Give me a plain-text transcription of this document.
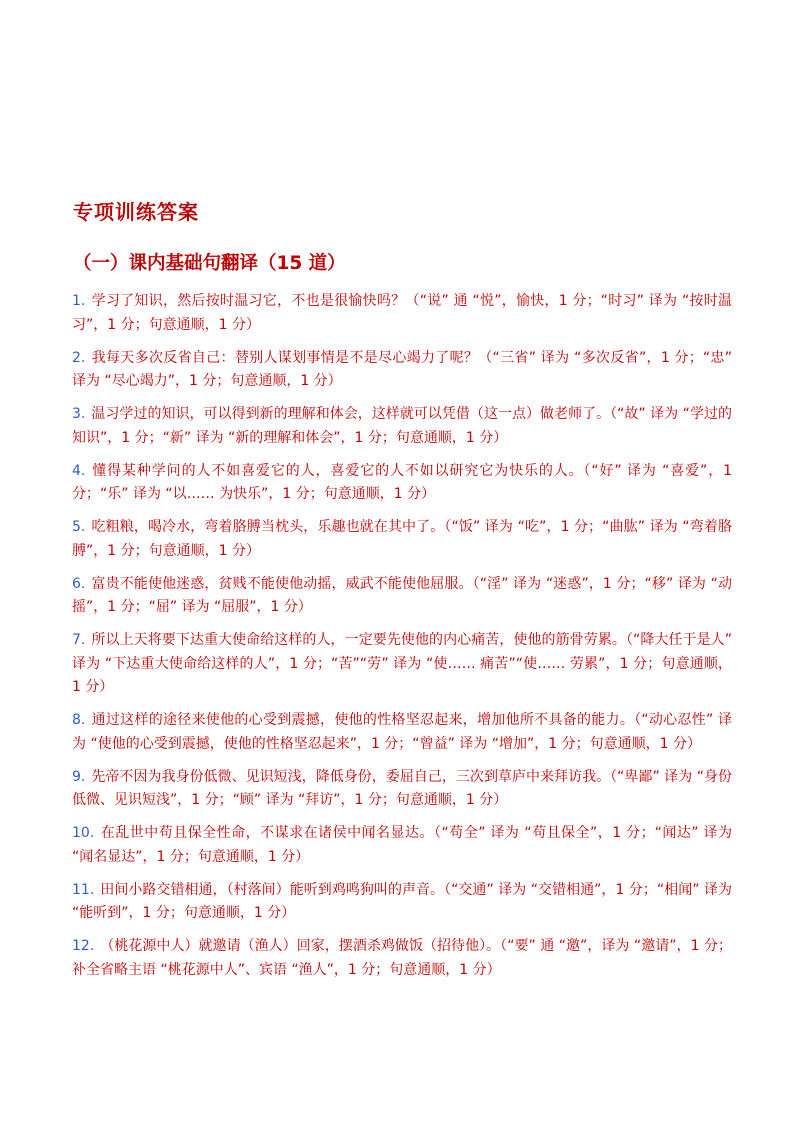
专项训练答案
（一）课内基础句翻译（15 道）
1. 学习了知识，然后按时温习它，不也是很愉快吗？（“说” 通 “悦”，愉快，1 分；“时习” 译为 “按时温习”，1 分；句意通顺，1 分）
2. 我每天多次反省自己：替别人谋划事情是不是尽心竭力了呢？（“三省” 译为 “多次反省”，1 分；“忠” 译为 “尽心竭力”，1 分；句意通顺，1 分）
3. 温习学过的知识，可以得到新的理解和体会，这样就可以凭借（这一点）做老师了。（“故” 译为 “学过的知识”，1 分；“新” 译为 “新的理解和体会”，1 分；句意通顺，1 分）
4. 懂得某种学问的人不如喜爱它的人，喜爱它的人不如以研究它为快乐的人。（“好” 译为 “喜爱”，1 分；“乐” 译为 “以…… 为快乐”，1 分；句意通顺，1 分）
5. 吃粗粮，喝冷水，弯着胳膊当枕头，乐趣也就在其中了。（“饭” 译为 “吃”，1 分；“曲肱” 译为 “弯着胳膊”，1 分；句意通顺，1 分）
6. 富贵不能使他迷惑，贫贱不能使他动摇，威武不能使他屈服。（“淫” 译为 “迷惑”，1 分；“移” 译为 “动摇”，1 分；“屈” 译为 “屈服”，1 分）
7. 所以上天将要下达重大使命给这样的人，一定要先使他的内心痛苦，使他的筋骨劳累。（“降大任于是人” 译为 “下达重大使命给这样的人”，1 分；“苦”“劳” 译为 “使…… 痛苦”“使…… 劳累”，1 分；句意通顺，1 分）
8. 通过这样的途径来使他的心受到震撼，使他的性格坚忍起来，增加他所不具备的能力。（“动心忍性” 译为 “使他的心受到震撼，使他的性格坚忍起来”，1 分；“曾益” 译为 “增加”，1 分；句意通顺，1 分）
9. 先帝不因为我身份低微、见识短浅，降低身份，委屈自己，三次到草庐中来拜访我。（“卑鄙” 译为 “身份低微、见识短浅”，1 分；“顾” 译为 “拜访”，1 分；句意通顺，1 分）
10. 在乱世中苟且保全性命，不谋求在诸侯中闻名显达。（“苟全” 译为 “苟且保全”，1 分；“闻达” 译为 “闻名显达”，1 分；句意通顺，1 分）
11. 田间小路交错相通，（村落间）能听到鸡鸣狗叫的声音。（“交通” 译为 “交错相通”，1 分；“相闻” 译为 “能听到”，1 分；句意通顺，1 分）
12. （桃花源中人）就邀请（渔人）回家，摆酒杀鸡做饭（招待他）。（“要” 通 “邀”，译为 “邀请”，1 分；补全省略主语 “桃花源中人”、宾语 “渔人”，1 分；句意通顺，1 分）
